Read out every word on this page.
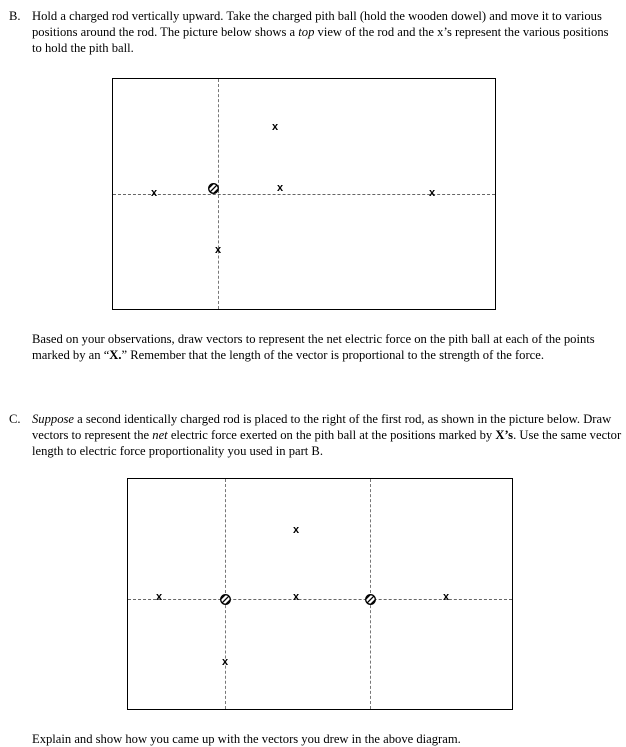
B. Hold a charged rod vertically upward. Take the charged pith ball (hold the wooden dowel) and move it to various positions around the rod. The picture below shows a top view of the rod and the x’s represent the various positions to hold the pith ball.
x
x	x	x
x
Based on your observations, draw vectors to represent the net electric force on the pith ball at each of the points marked by an “X.” Remember that the length of the vector is proportional to the strength of the force.
C. Suppose a second identically charged rod is placed to the right of the first rod, as shown in the picture below. Draw vectors to represent the net electric force exerted on the pith ball at the positions marked by X’s. Use the same vector length to electric force proportionality you used in part B.
x
x	x	x
x
Explain and show how you came up with the vectors you drew in the above diagram.
